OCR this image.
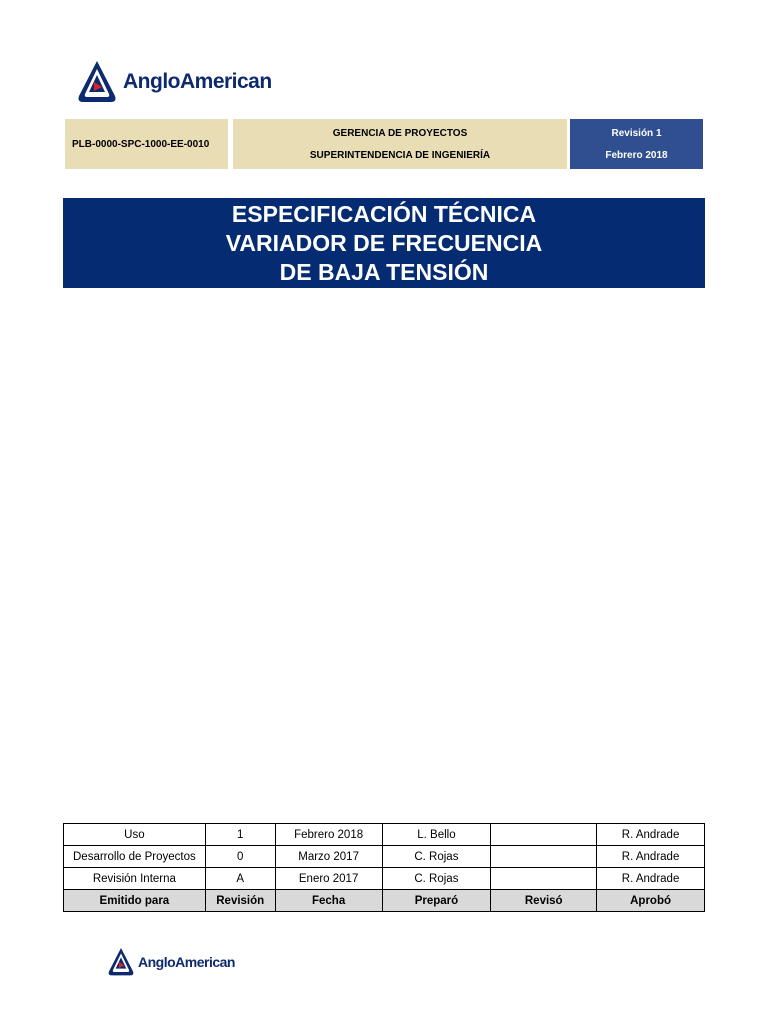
AngloAmerican
PLB-0000-SPC-1000-EE-0010
GERENCIA DE PROYECTOS
SUPERINTENDENCIA DE INGENIERÍA
Revisión 1
Febrero 2018
ESPECIFICACIÓN TÉCNICA
VARIADOR DE FRECUENCIA
DE BAJA TENSIÓN
Uso	1	Febrero 2018	L. Bello		R. Andrade
Desarrollo de Proyectos	0	Marzo 2017	C. Rojas		R. Andrade
Revisión Interna	A	Enero 2017	C. Rojas		R. Andrade
Emitido para	Revisión	Fecha	Preparó	Revisó	Aprobó
AngloAmerican
